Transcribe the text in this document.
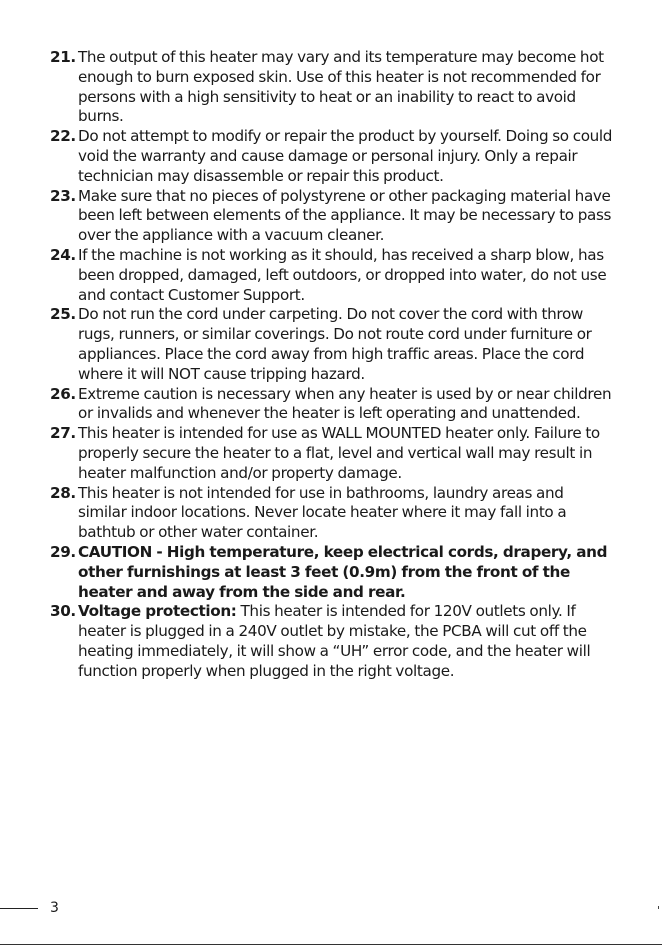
21. The output of this heater may vary and its temperature may become hot enough to burn exposed skin. Use of this heater is not recommended for persons with a high sensitivity to heat or an inability to react to avoid burns.
22. Do not attempt to modify or repair the product by yourself. Doing so could void the warranty and cause damage or personal injury. Only a repair technician may disassemble or repair this product.
23. Make sure that no pieces of polystyrene or other packaging material have been left between elements of the appliance. It may be necessary to pass over the appliance with a vacuum cleaner.
24. If the machine is not working as it should, has received a sharp blow, has been dropped, damaged, left outdoors, or dropped into water, do not use and contact Customer Support.
25. Do not run the cord under carpeting. Do not cover the cord with throw rugs, runners, or similar coverings. Do not route cord under furniture or appliances. Place the cord away from high traffic areas. Place the cord where it will NOT cause tripping hazard.
26. Extreme caution is necessary when any heater is used by or near children or invalids and whenever the heater is left operating and unattended.
27. This heater is intended for use as WALL MOUNTED heater only. Failure to properly secure the heater to a flat, level and vertical wall may result in heater malfunction and/or property damage.
28. This heater is not intended for use in bathrooms, laundry areas and similar indoor locations. Never locate heater where it may fall into a bathtub or other water container.
29. CAUTION - High temperature, keep electrical cords, drapery, and other furnishings at least 3 feet (0.9m) from the front of the heater and away from the side and rear.
30. Voltage protection: This heater is intended for 120V outlets only. If heater is plugged in a 240V outlet by mistake, the PCBA will cut off the heating immediately, it will show a “UH” error code, and the heater will function properly when plugged in the right voltage.
3
